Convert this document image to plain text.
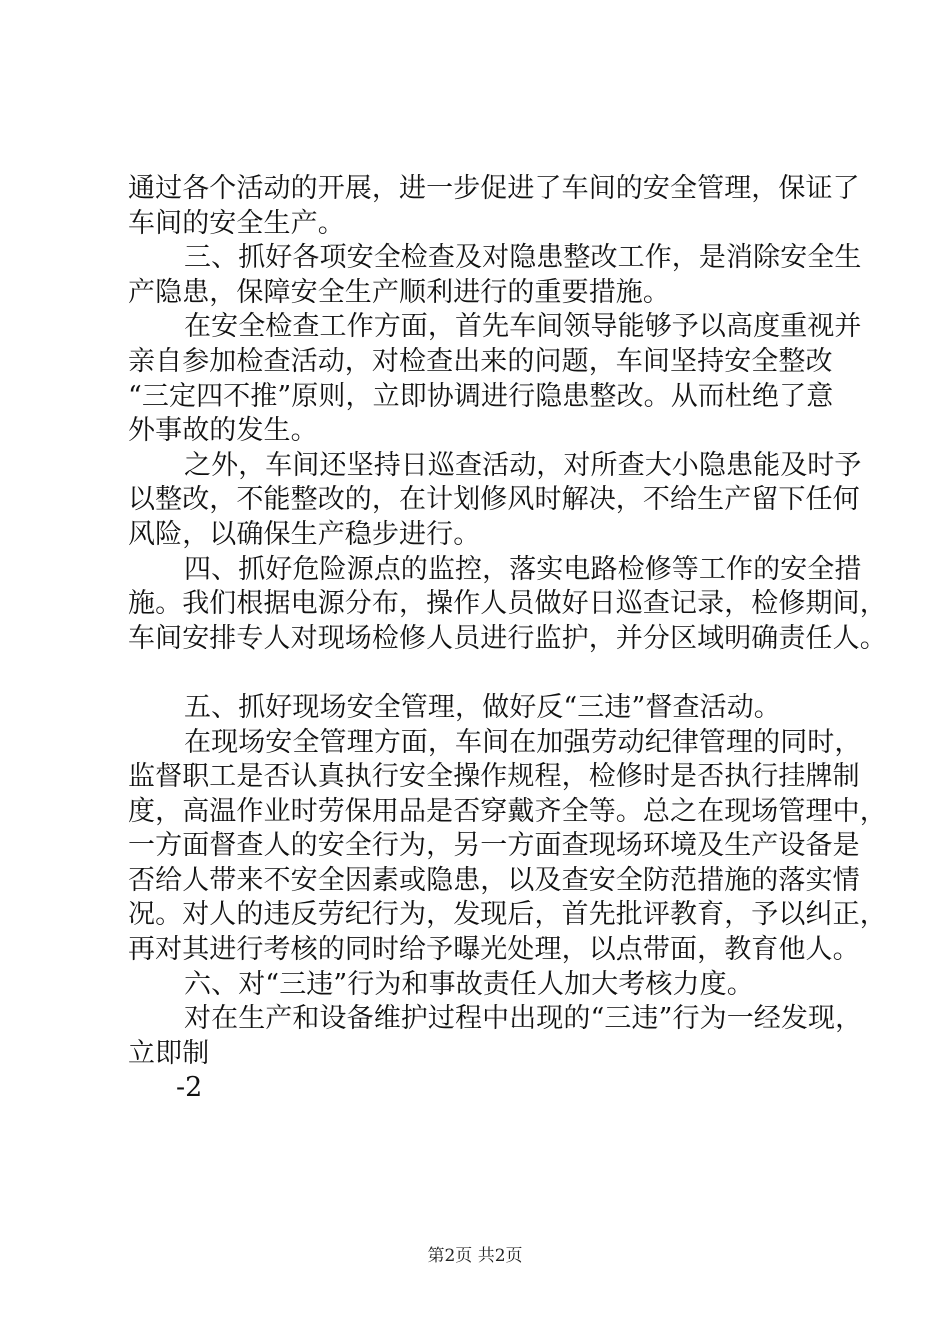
通过各个活动的开展，进一步促进了车间的安全管理，保证了
车间的安全生产。
三、抓好各项安全检查及对隐患整改工作，是消除安全生
产隐患，保障安全生产顺利进行的重要措施。
在安全检查工作方面，首先车间领导能够予以高度重视并
亲自参加检查活动，对检查出来的问题，车间坚持安全整改
“三定四不推”原则，立即协调进行隐患整改。从而杜绝了意
外事故的发生。
之外，车间还坚持日巡查活动，对所查大小隐患能及时予
以整改，不能整改的，在计划修风时解决，不给生产留下任何
风险，以确保生产稳步进行。
四、抓好危险源点的监控，落实电路检修等工作的安全措
施。我们根据电源分布，操作人员做好日巡查记录，检修期间，
车间安排专人对现场检修人员进行监护，并分区域明确责任人。
五、抓好现场安全管理，做好反“三违”督查活动。
在现场安全管理方面，车间在加强劳动纪律管理的同时，
监督职工是否认真执行安全操作规程，检修时是否执行挂牌制
度，高温作业时劳保用品是否穿戴齐全等。总之在现场管理中，
一方面督查人的安全行为，另一方面查现场环境及生产设备是
否给人带来不安全因素或隐患，以及查安全防范措施的落实情
况。对人的违反劳纪行为，发现后，首先批评教育，予以纠正，
再对其进行考核的同时给予曝光处理，以点带面，教育他人。
六、对“三违”行为和事故责任人加大考核力度。
对在生产和设备维护过程中出现的“三违”行为一经发现，
立即制
-2
第2页 共2页
